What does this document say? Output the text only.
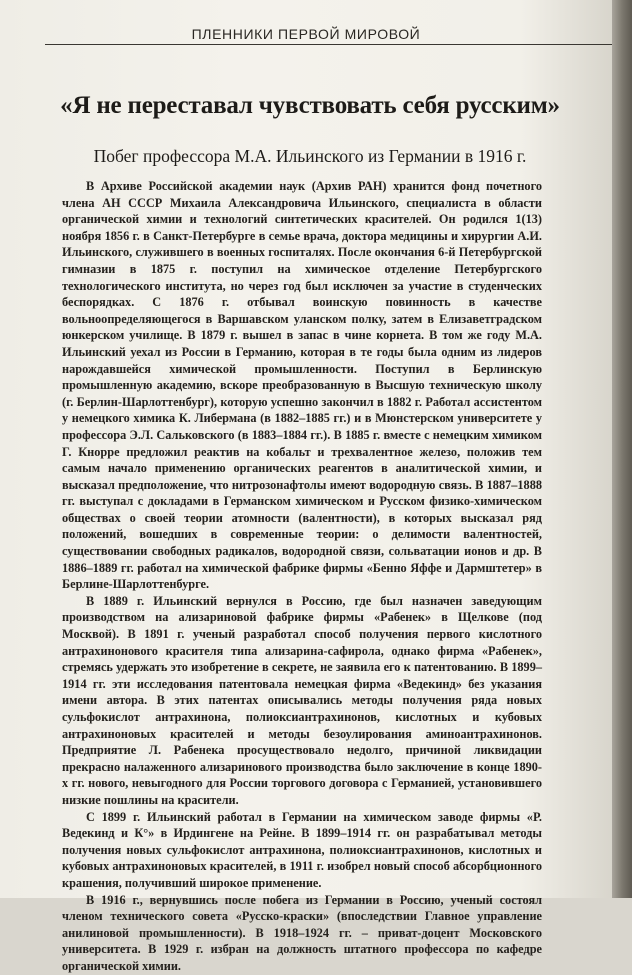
ПЛЕННИКИ ПЕРВОЙ МИРОВОЙ
«Я не переставал чувствовать себя русским»
Побег профессора М.А. Ильинского из Германии в 1916 г.

В Архиве Российской академии наук (Архив РАН) хранится фонд почетного члена АН СССР Михаила Александровича Ильинского, специалиста в области органической химии и технологий синтетических красителей. Он родился 1(13) ноября 1856 г. в Санкт-Петербурге в семье врача, доктора медицины и хирургии А.И. Ильинского, служившего в военных госпиталях. После окончания 6-й Петербургской гимназии в 1875 г. поступил на химическое отделение Петербургского технологического института, но через год был исключен за участие в студенческих беспорядках. С 1876 г. отбывал воинскую повинность в качестве вольноопределяющегося в Варшавском уланском полку, затем в Елизаветградском юнкерском училище. В 1879 г. вышел в запас в чине корнета. В том же году М.А. Ильинский уехал из России в Германию, которая в те годы была одним из лидеров нарождавшейся химической промышленности. Поступил в Берлинскую промышленную академию, вскоре преобразованную в Высшую техническую школу (г. Берлин-Шарлоттенбург), которую успешно закончил в 1882 г. Работал ассистентом у немецкого химика К. Либермана (в 1882–1885 гг.) и в Мюнстерском университете у профессора Э.Л. Сальковского (в 1883–1884 гг.). В 1885 г. вместе с немецким химиком Г. Кнорре предложил реактив на кобальт и трехвалентное железо, положив тем самым начало применению органических реагентов в аналитической химии, и высказал предположение, что нитрозонафтолы имеют водородную связь. В 1887–1888 гг. выступал с докладами в Германском химическом и Русском физико-химическом обществах о своей теории атомности (валентности), в которых высказал ряд положений, вошедших в современные теории: о делимости валентностей, существовании свободных радикалов, водородной связи, сольватации ионов и др. В 1886–1889 гг. работал на химической фабрике фирмы «Бенно Яффе и Дармштетер» в Берлине-Шарлоттенбурге.

В 1889 г. Ильинский вернулся в Россию, где был назначен заведующим производством на ализариновой фабрике фирмы «Рабенек» в Щелкове (под Москвой). В 1891 г. ученый разработал способ получения первого кислотного антрахинонового красителя типа ализарина-сафирола, однако фирма «Рабенек», стремясь удержать это изобретение в секрете, не заявила его к патентованию. В 1899–1914 гг. эти исследования патентовала немецкая фирма «Ведекинд» без указания имени автора. В этих патентах описывались методы получения ряда новых сульфокислот антрахинона, полиоксиантрахинонов, кислотных и кубовых антрахиноновых красителей и методы безоулирования аминоантрахинонов. Предприятие Л. Рабенека просуществовало недолго, причиной ликвидации прекрасно налаженного ализаринового производства было заключение в конце 1890-х гг. нового, невыгодного для России торгового договора с Германией, установившего низкие пошлины на красители.

С 1899 г. Ильинский работал в Германии на химическом заводе фирмы «Р. Ведекинд и К°» в Ирдингене на Рейне. В 1899–1914 гг. он разрабатывал методы получения новых сульфокислот антрахинона, полиоксиантрахинонов, кислотных и кубовых антрахиноновых красителей, в 1911 г. изобрел новый способ абсорбционного крашения, получивший широкое применение.

В 1916 г., вернувшись после побега из Германии в Россию, ученый состоял членом технического совета «Русско-краски» (впоследствии Главное управление анилиновой промышленности). В 1918–1924 гг. – приват-доцент Московского университета. В 1929 г. избран на должность штатного профессора по кафедре органической химии.
